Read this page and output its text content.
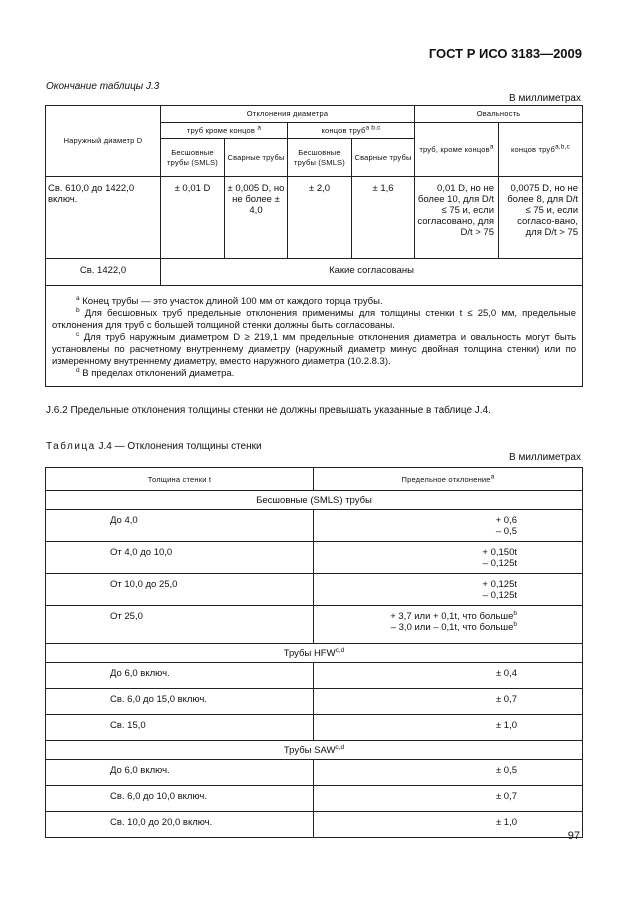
ГОСТ Р ИСО 3183—2009
Окончание таблицы J.3
В миллиметрах
Наружный диаметр D	Отклонения диаметра				Овальность	
	труб кроме концов $^a$		концов труб$^{a b,c}$		труб, кроме концов$^a$	концов труб$^{a,b,c}$
	Бесшовные трубы (SMLS)	Сварные трубы	Бесшовные трубы (SMLS)	Сварные трубы		
Св. 610,0 до 1422,0 включ.	± 0,01 D	± 0,005 D, но не более ± 4,0	± 2,0	± 1,6	0,01 D, но не более 10, для D/t ≤ 75 и, если согласовано, для D/t > 75	0,0075 D, но не более 8, для D/t ≤ 75 и, если согласо-вано, для D/t > 75
Св. 1422,0	Какие согласованы					

$^a$ Конец трубы — это участок длиной 100 мм от каждого торца трубы.
$^b$ Для бесшовных труб предельные отклонения применимы для толщины стенки t ≤ 25,0 мм, предельные отклонения для труб с большей толщиной стенки должны быть согласованы.
$^c$ Для труб наружным диаметром D ≥ 219,1 мм предельные отклонения диаметра и овальность могут быть установлены по расчетному внутреннему диаметру (наружный диаметр минус двойная толщина стенки) или по измеренному внутреннему диаметру, вместо наружного диаметра (10.2.8.3).
$^d$ В пределах отклонений диаметра.						
J.6.2 Предельные отклонения толщины стенки не должны превышать указанные в таблице J.4.
Таблица J.4 — Отклонения толщины стенки
В миллиметрах
Толщина стенки t	Предельное отклонение$^a$
Бесшовные (SMLS) трубы	
До 4,0	+ 0,6
– 0,5

От 4,0 до 10,0	+ 0,150t
– 0,125t

От 10,0 до 25,0	+ 0,125t
– 0,125t

От 25,0	+ 3,7 или + 0,1t, что больше$^b$
– 3,0 или – 0,1t, что больше$^b$

Трубы HFW$^{c,d}$
До 6,0 включ.	± 0,4
Св. 6,0 до 15,0 включ.	± 0,7
Св. 15,0	± 1,0
Трубы SAW$^{c,d}$
До 6,0 включ.	± 0,5
Св. 6,0 до 10,0 включ.	± 0,7
Св. 10,0 до 20,0 включ.	± 1,0
97
